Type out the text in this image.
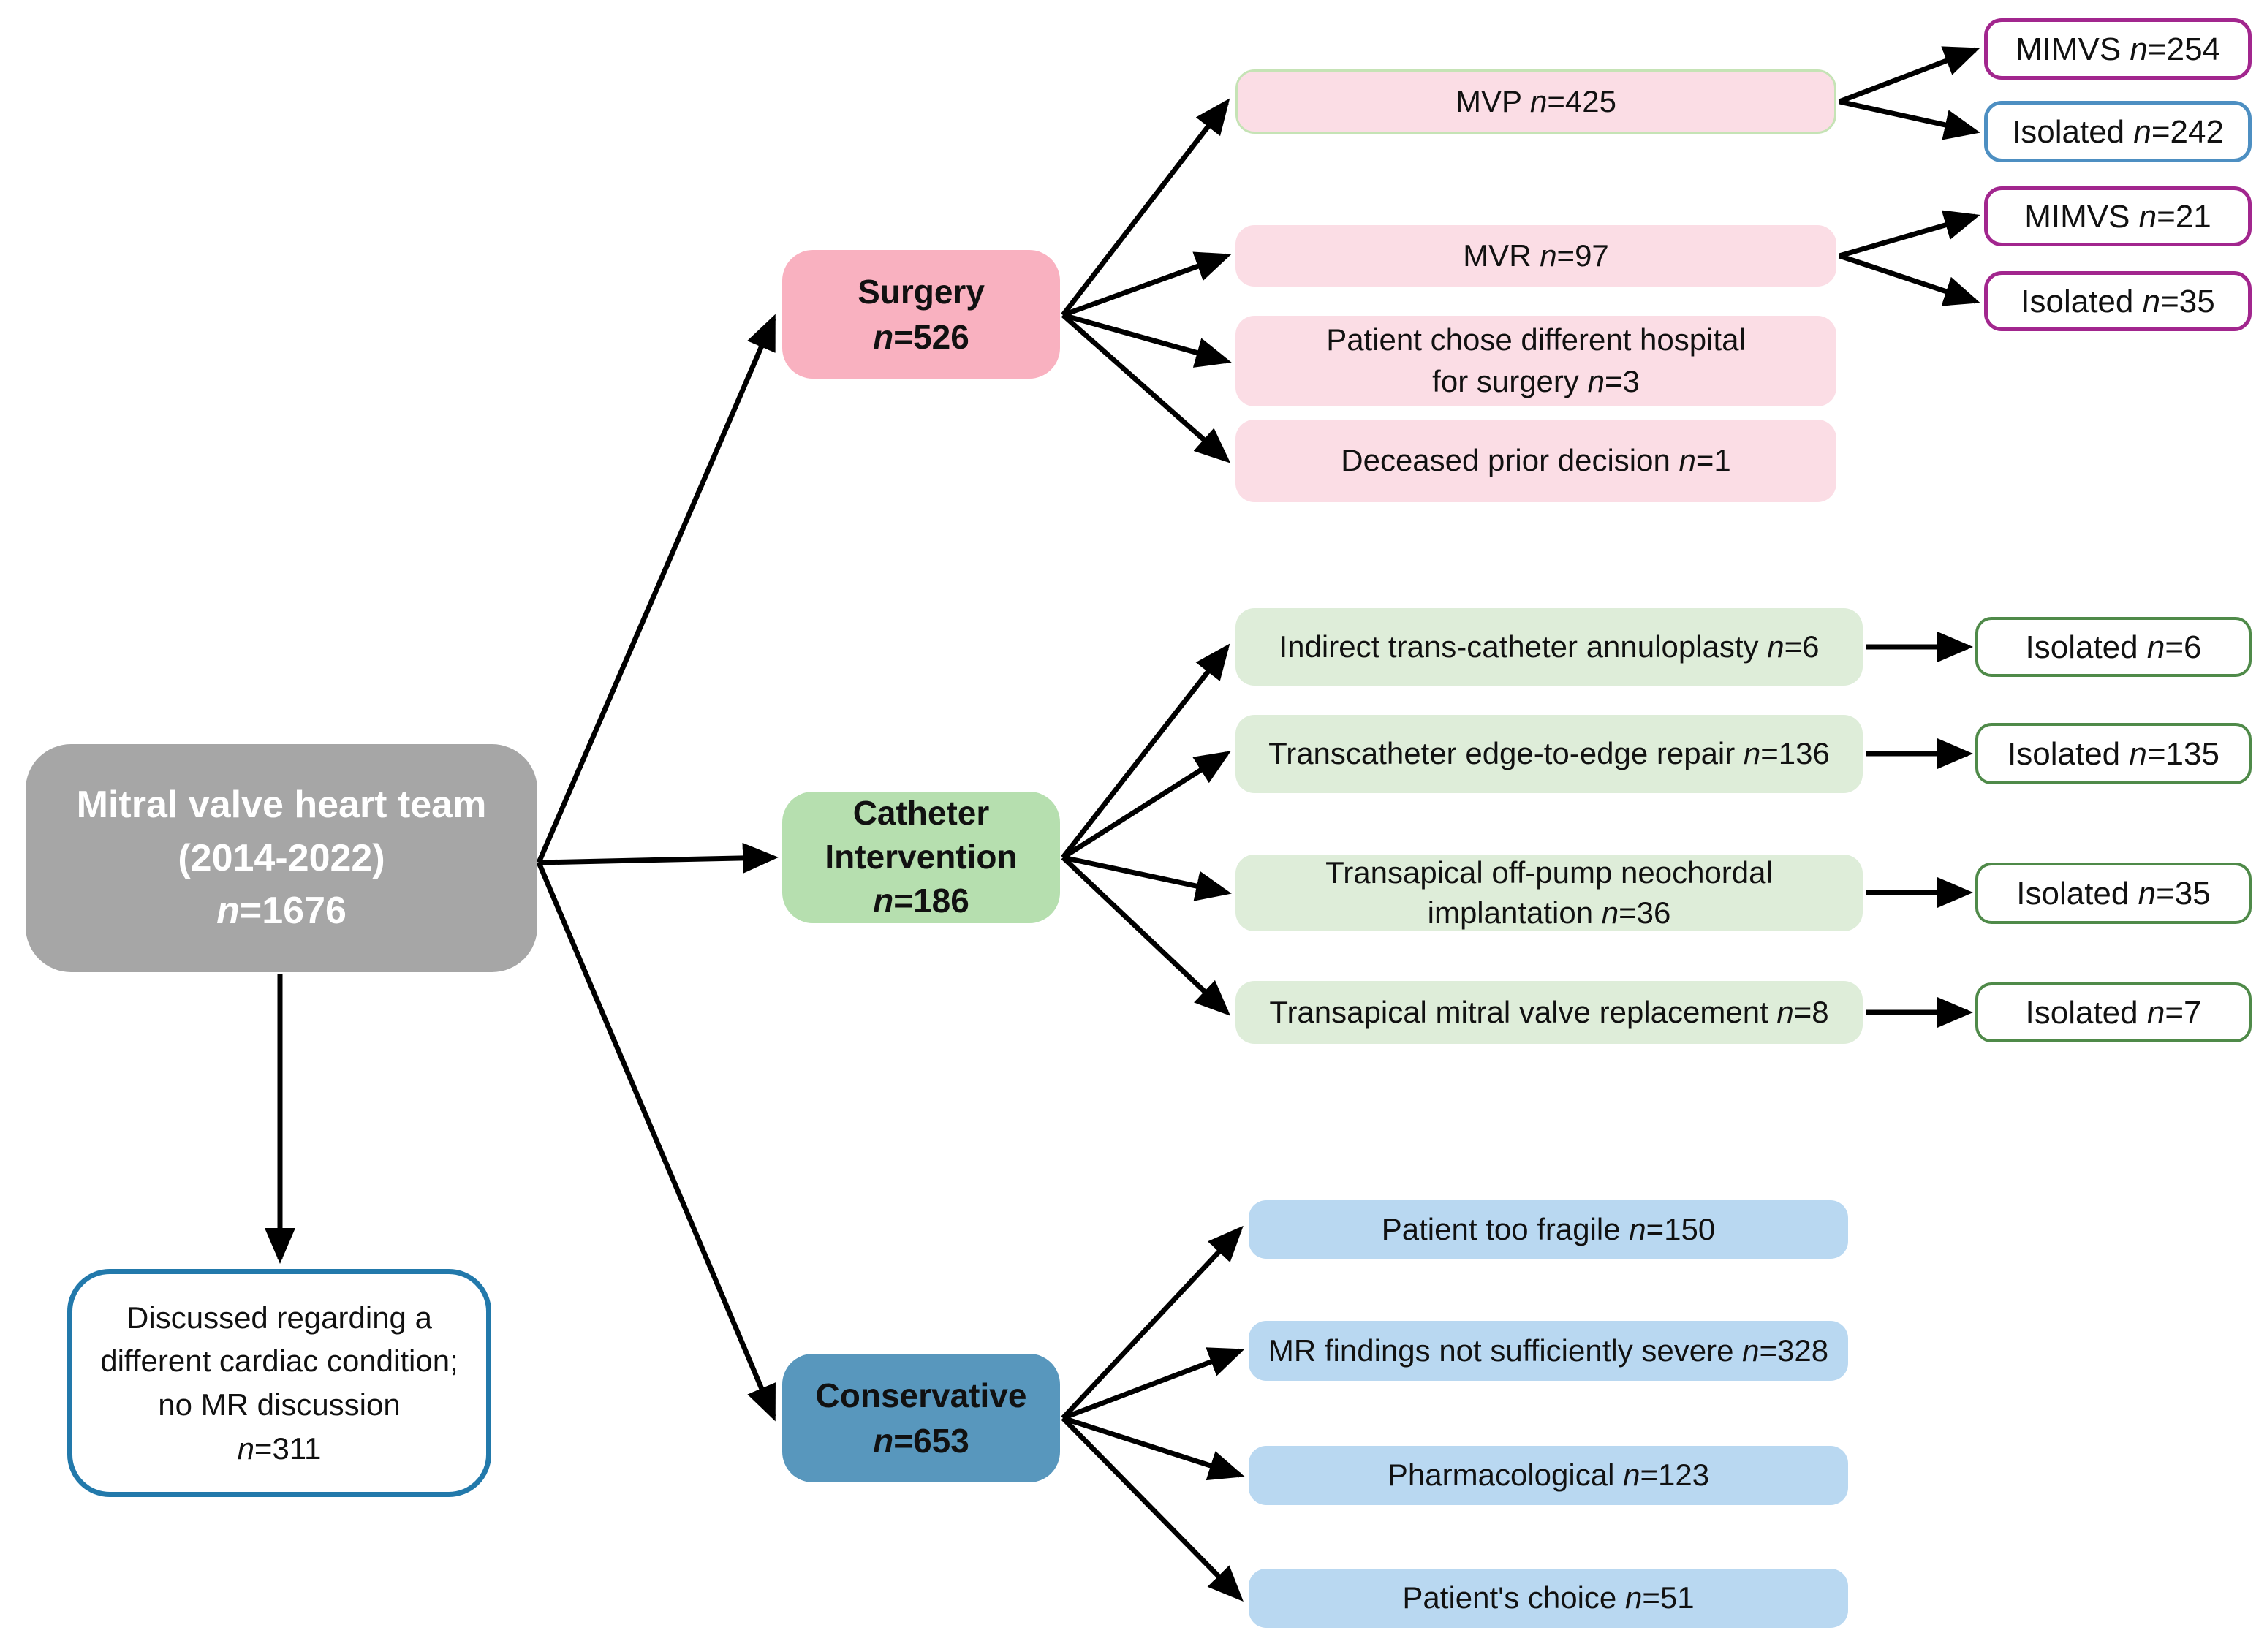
Mitral valve heart team
(2014-2022)
n=1676
Discussed regarding a
different cardiac condition;
no MR discussion
n=311
Surgery
n=526
Catheter
Intervention
n=186
Conservative
n=653
MVP n=425
MVR n=97
Patient chose different hospital
for surgery n=3
Deceased prior decision n=1
MIMVS n=254
Isolated n=242
MIMVS n=21
Isolated n=35
Indirect trans-catheter annuloplasty n=6
Transcatheter edge-to-edge repair n=136
Transapical off-pump neochordal
implantation n=36
Transapical mitral valve replacement n=8
Isolated n=6
Isolated n=135
Isolated n=35
Isolated n=7
Patient too fragile n=150
MR findings not sufficiently severe n=328
Pharmacological n=123
Patient's choice n=51
